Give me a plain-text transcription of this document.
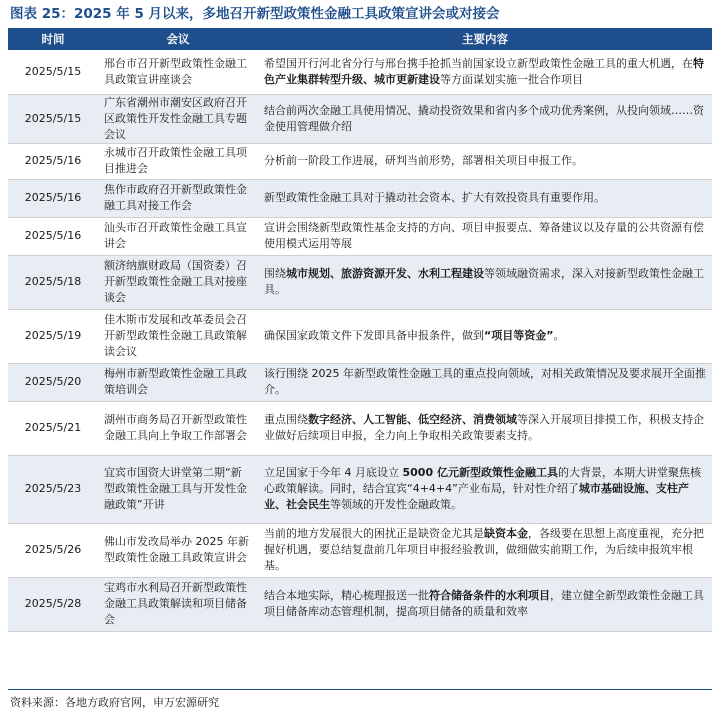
图表 25：2025 年 5 月以来，多地召开新型政策性金融工具政策宣讲会或对接会
时间	会议	主要内容
2025/5/15	邢台市召开新型政策性金融工具政策宣讲座谈会	希望国开行河北省分行与邢台携手抢抓当前国家设立新型政策性金融工具的重大机遇，在特色产业集群转型升级、城市更新建设等方面谋划实施一批合作项目
2025/5/15	广东省潮州市潮安区政府召开区政策性开发性金融工具专题会议	结合前两次金融工具使用情况、撬动投资效果和省内多个成功优秀案例，从投向领域……资金使用管理做介绍
2025/5/16	永城市召开政策性金融工具项目推进会	分析前一阶段工作进展，研判当前形势，部署相关项目申报工作。
2025/5/16	焦作市政府召开新型政策性金融工具对接工作会	新型政策性金融工具对于撬动社会资本、扩大有效投资具有重要作用。
2025/5/16	汕头市召开政策性金融工具宣讲会	宣讲会围绕新型政策性基金支持的方向、项目申报要点、筹备建议以及存量的公共资源有偿使用模式运用等展
2025/5/18	额济纳旗财政局（国资委）召开新型政策性金融工具对接座谈会	围绕城市规划、旅游资源开发、水利工程建设等领域融资需求，深入对接新型政策性金融工具。
2025/5/19	佳木斯市发展和改革委员会召开新型政策性金融工具政策解读会议	确保国家政策文件下发即具备申报条件，做到“项目等资金”。
2025/5/20	梅州市新型政策性金融工具政策培训会	该行围绕 2025 年新型政策性金融工具的重点投向领域，对相关政策情况及要求展开全面推介。
2025/5/21	湖州市商务局召开新型政策性金融工具向上争取工作部署会	重点围绕数字经济、人工智能、低空经济、消费领域等深入开展项目排摸工作，积极支持企业做好后续项目申报，全力向上争取相关政策要素支持。
2025/5/23	宜宾市国资大讲堂第二期“新型政策性金融工具与开发性金融政策”开讲	立足国家于今年 4 月底设立 5000 亿元新型政策性金融工具的大背景，本期大讲堂聚焦核心政策解读。同时，结合宜宾“4+4+4”产业布局，针对性介绍了城市基础设施、支柱产业、社会民生等领域的开发性金融政策。
2025/5/26	佛山市发改局举办 2025 年新型政策性金融工具政策宣讲会	当前的地方发展很大的困扰正是缺资金尤其是缺资本金，各级要在思想上高度重视，充分把握好机遇，要总结复盘前几年项目申报经验教训，做细做实前期工作，为后续申报筑牢根基。
2025/5/28	宝鸡市水利局召开新型政策性金融工具政策解读和项目储备会	结合本地实际，精心梳理报送一批符合储备条件的水利项目，建立健全新型政策性金融工具项目储备库动态管理机制，提高项目储备的质量和效率
资料来源：各地方政府官网，申万宏源研究
